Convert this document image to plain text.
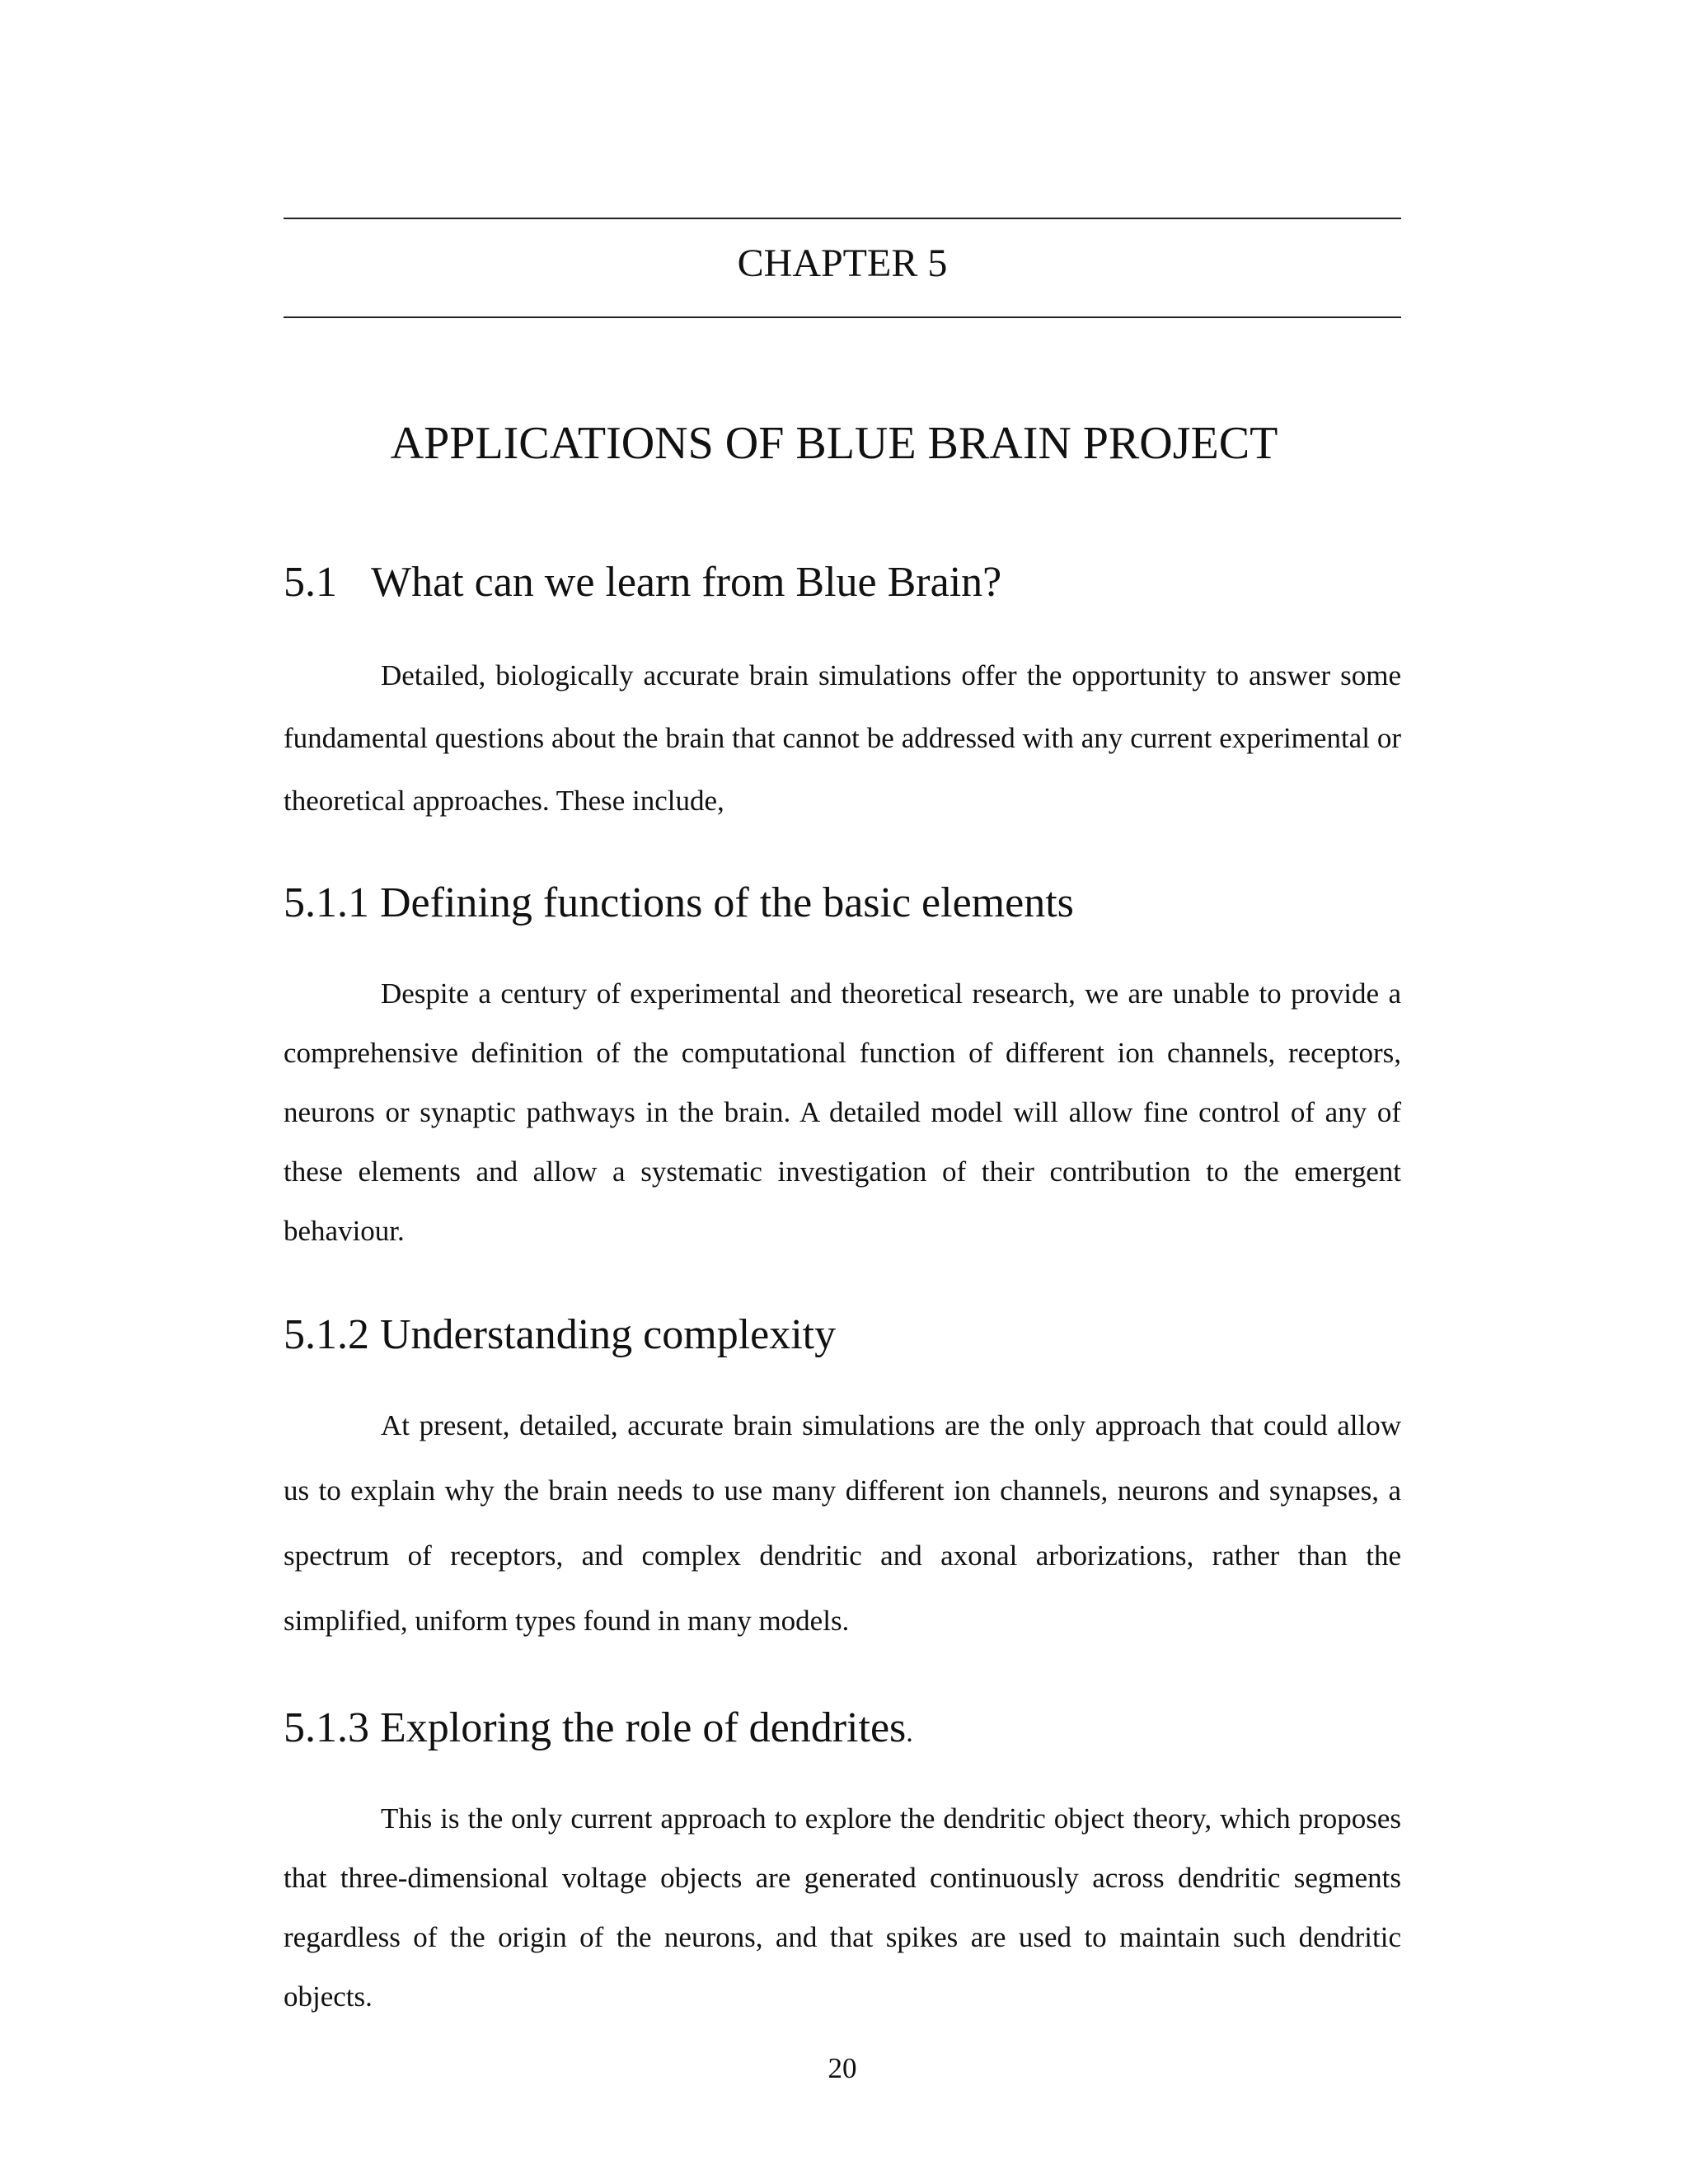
CHAPTER 5
APPLICATIONS OF BLUE BRAIN PROJECT
5.1 What can we learn from Blue Brain?

Detailed, biologically accurate brain simulations offer the opportunity to answer some fundamental questions about the brain that cannot be addressed with any current experimental or theoretical approaches. These include,

5.1.1 Defining functions of the basic elements

Despite a century of experimental and theoretical research, we are unable to provide a comprehensive definition of the computational function of different ion channels, receptors, neurons or synaptic pathways in the brain. A detailed model will allow fine control of any of these elements and allow a systematic investigation of their contribution to the emergent behaviour.

5.1.2 Understanding complexity

At present, detailed, accurate brain simulations are the only approach that could allow us to explain why the brain needs to use many different ion channels, neurons and synapses, a spectrum of receptors, and complex dendritic and axonal arborizations, rather than the simplified, uniform types found in many models.

5.1.3 Exploring the role of dendrites.

This is the only current approach to explore the dendritic object theory, which proposes that three-dimensional voltage objects are generated continuously across dendritic segments regardless of the origin of the neurons, and that spikes are used to maintain such dendritic objects.

20
